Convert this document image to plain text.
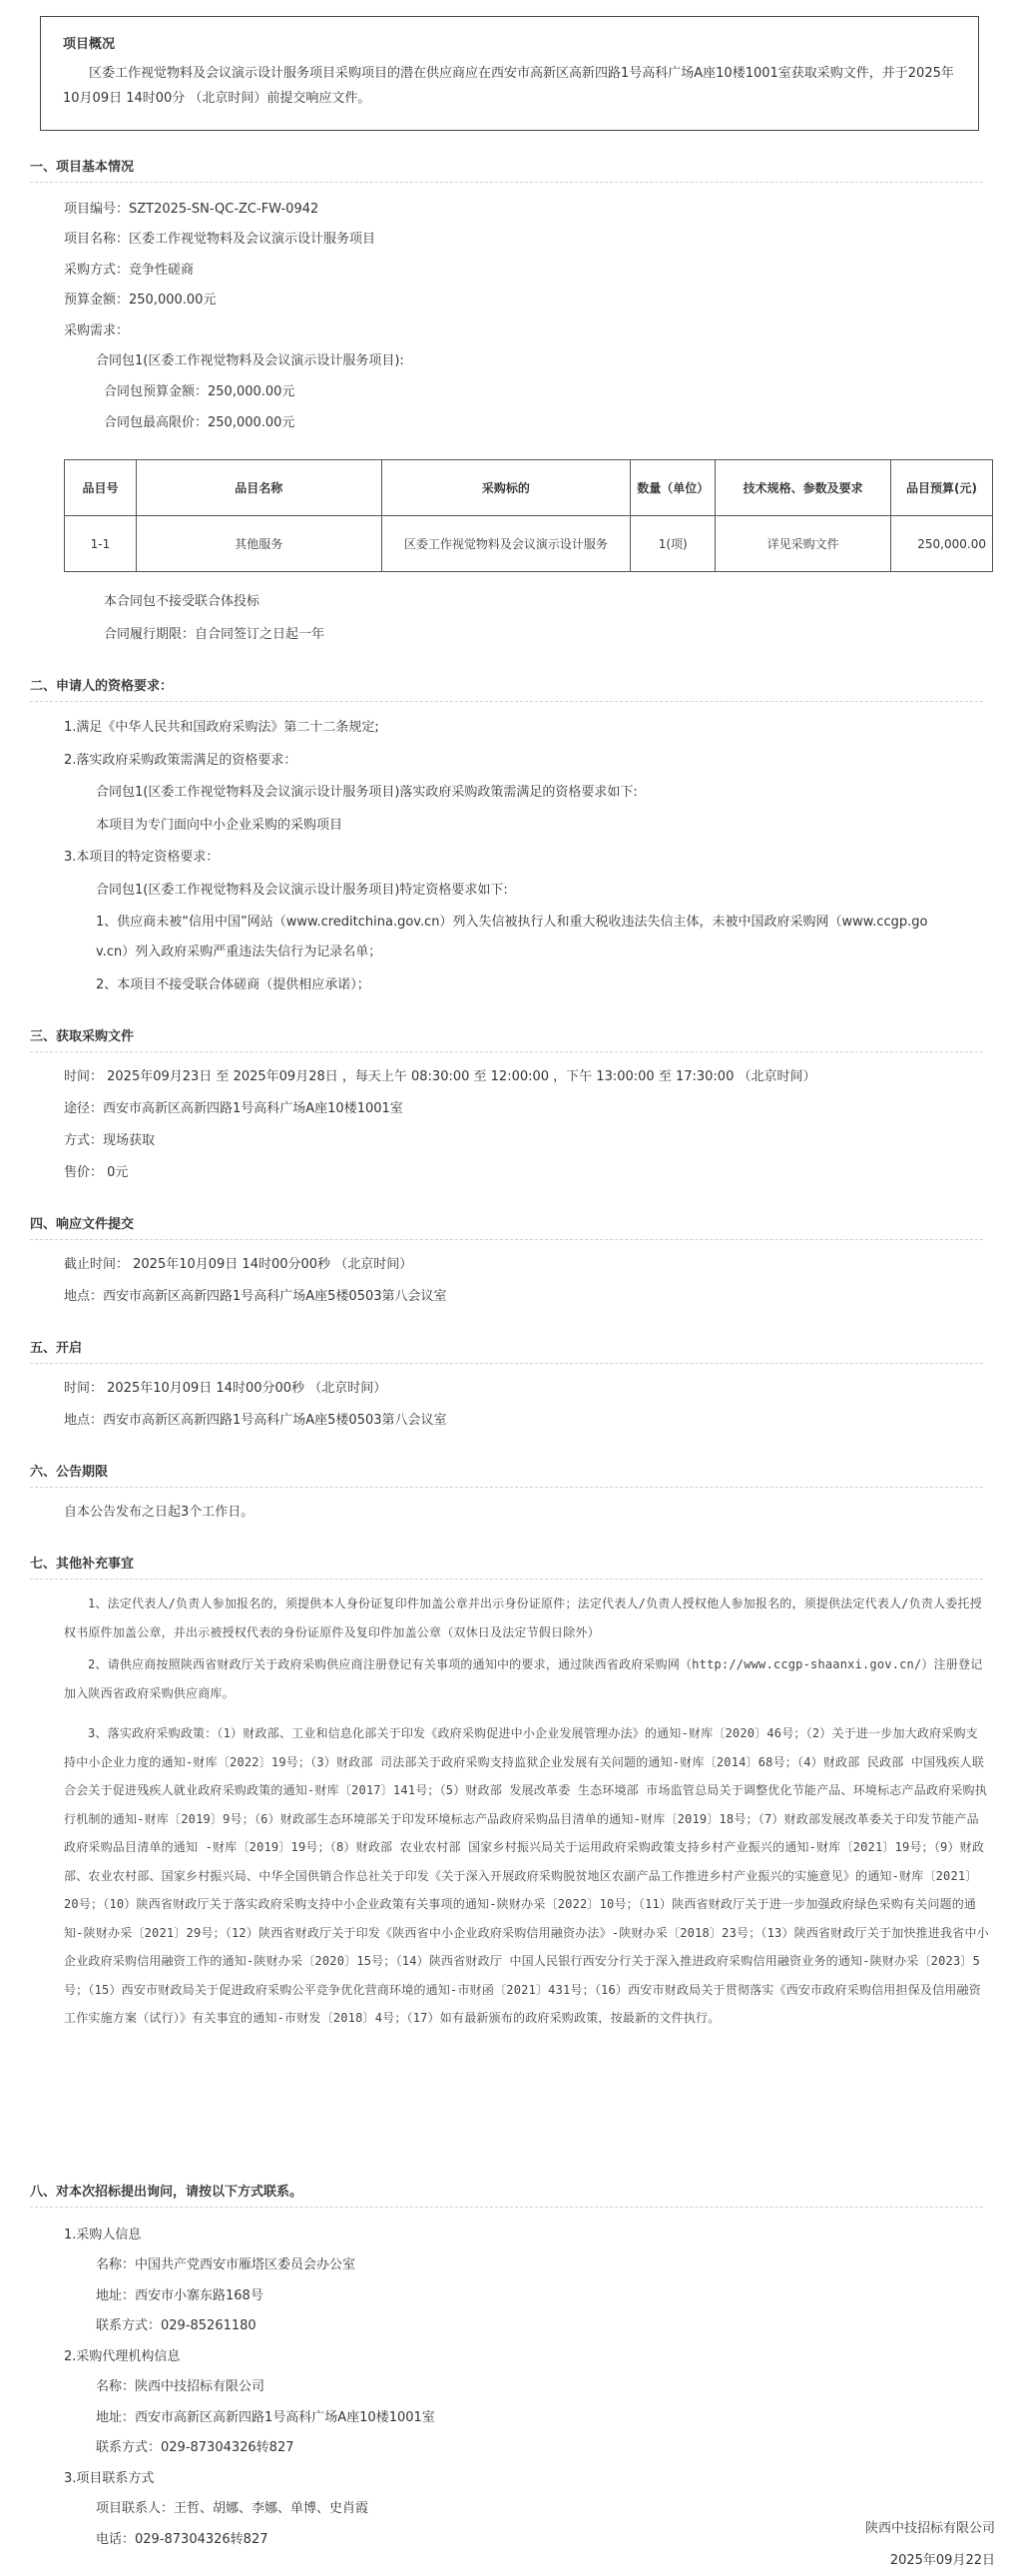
项目概况
区委工作视觉物料及会议演示设计服务项目采购项目的潜在供应商应在西安市高新区高新四路1号高科广场A座10楼1001室获取采购文件，并于2025年10月09日 14时00分 （北京时间）前提交响应文件。
一、项目基本情况
项目编号：SZT2025-SN-QC-ZC-FW-0942
项目名称：区委工作视觉物料及会议演示设计服务项目
采购方式：竞争性磋商
预算金额：250,000.00元
采购需求：
合同包1(区委工作视觉物料及会议演示设计服务项目):
合同包预算金额：250,000.00元
合同包最高限价：250,000.00元
品目号	品目名称	采购标的	数量（单位）	技术规格、参数及要求	品目预算(元)
1-1	其他服务	区委工作视觉物料及会议演示设计服务	1(项)	详见采购文件	250,000.00
本合同包不接受联合体投标
合同履行期限：自合同签订之日起一年
二、申请人的资格要求：
1.满足《中华人民共和国政府采购法》第二十二条规定;
2.落实政府采购政策需满足的资格要求：
合同包1(区委工作视觉物料及会议演示设计服务项目)落实政府采购政策需满足的资格要求如下:
本项目为专门面向中小企业采购的采购项目
3.本项目的特定资格要求：
合同包1(区委工作视觉物料及会议演示设计服务项目)特定资格要求如下:
1、供应商未被“信用中国”网站（www.creditchina.gov.cn）列入失信被执行人和重大税收违法失信主体，未被中国政府采购网（www.ccgp.go
v.cn）列入政府采购严重违法失信行为记录名单；
2、本项目不接受联合体磋商（提供相应承诺）；
三、获取采购文件
时间： 2025年09月23日 至 2025年09月28日 ，每天上午 08:30:00 至 12:00:00 ，下午 13:00:00 至 17:30:00 （北京时间）
途径：西安市高新区高新四路1号高科广场A座10楼1001室
方式：现场获取
售价： 0元
四、响应文件提交
截止时间： 2025年10月09日 14时00分00秒 （北京时间）
地点：西安市高新区高新四路1号高科广场A座5楼0503第八会议室
五、开启
时间： 2025年10月09日 14时00分00秒 （北京时间）
地点：西安市高新区高新四路1号高科广场A座5楼0503第八会议室
六、公告期限
自本公告发布之日起3个工作日。
七、其他补充事宜
1、法定代表人/负责人参加报名的，须提供本人身份证复印件加盖公章并出示身份证原件；法定代表人/负责人授权他人参加报名的，须提供法定代表人/负责人委托授权书原件加盖公章，并出示被授权代表的身份证原件及复印件加盖公章（双休日及法定节假日除外）
2、请供应商按照陕西省财政厅关于政府采购供应商注册登记有关事项的通知中的要求，通过陕西省政府采购网（http://www.ccgp-shaanxi.gov.cn/）注册登记加入陕西省政府采购供应商库。
3、落实政府采购政策：（1）财政部、工业和信息化部关于印发《政府采购促进中小企业发展管理办法》的通知-财库〔2020〕46号；（2）关于进一步加大政府采购支持中小企业力度的通知-财库〔2022〕19号；（3）财政部 司法部关于政府采购支持监狱企业发展有关问题的通知-财库〔2014〕68号；（4）财政部 民政部 中国残疾人联合会关于促进残疾人就业政府采购政策的通知-财库〔2017〕141号；（5）财政部 发展改革委 生态环境部 市场监管总局关于调整优化节能产品、环境标志产品政府采购执行机制的通知-财库〔2019〕9号；（6）财政部生态环境部关于印发环境标志产品政府采购品目清单的通知-财库〔2019〕18号；（7）财政部发展改革委关于印发节能产品政府采购品目清单的通知 -财库〔2019〕19号；（8）财政部 农业农村部 国家乡村振兴局关于运用政府采购政策支持乡村产业振兴的通知-财库〔2021〕19号；（9）财政部、农业农村部、国家乡村振兴局、中华全国供销合作总社关于印发《关于深入开展政府采购脱贫地区农副产品工作推进乡村产业振兴的实施意见》的通知-财库〔2021〕20号；（10）陕西省财政厅关于落实政府采购支持中小企业政策有关事项的通知-陕财办采〔2022〕10号；（11）陕西省财政厅关于进一步加强政府绿色采购有关问题的通知-陕财办采〔2021〕29号；（12）陕西省财政厅关于印发《陕西省中小企业政府采购信用融资办法》-陕财办采〔2018〕23号；（13）陕西省财政厅关于加快推进我省中小企业政府采购信用融资工作的通知-陕财办采〔2020〕15号；（14）陕西省财政厅 中国人民银行西安分行关于深入推进政府采购信用融资业务的通知-陕财办采〔2023〕5号；（15）西安市财政局关于促进政府采购公平竞争优化营商环境的通知-市财函〔2021〕431号；（16）西安市财政局关于贯彻落实《西安市政府采购信用担保及信用融资工作实施方案（试行）》有关事宜的通知-市财发〔2018〕4号；（17）如有最新颁布的政府采购政策，按最新的文件执行。
八、对本次招标提出询问，请按以下方式联系。
1.采购人信息
名称：中国共产党西安市雁塔区委员会办公室
地址：西安市小寨东路168号
联系方式：029-85261180
2.采购代理机构信息
名称：陕西中技招标有限公司
地址：西安市高新区高新四路1号高科广场A座10楼1001室
联系方式：029-87304326转827
3.项目联系方式
项目联系人：王哲、胡娜、李娜、单博、史肖霞
电话：029-87304326转827
陕西中技招标有限公司
2025年09月22日
